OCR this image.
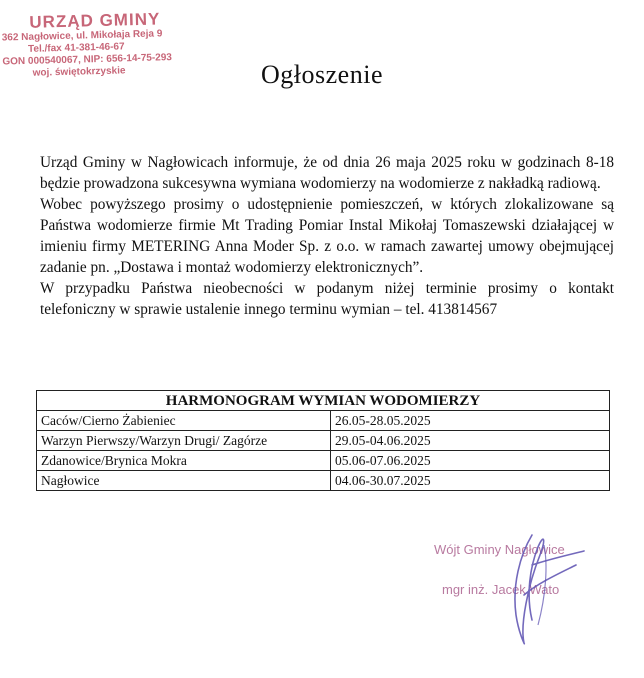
URZĄD GMINY
362 Nagłowice, ul. Mikołaja Reja 9
Tel./fax 41-381-46-67
GON 000540067, NIP: 656-14-75-293
woj. świętokrzyskie	Ogłoszenie

Urząd Gminy w Nagłowicach informuje, że od dnia 26 maja 2025 roku w godzinach 8-18 będzie prowadzona sukcesywna wymiana wodomierzy na wodomierze z nakładką radiową.

Wobec powyższego prosimy o udostępnienie pomieszczeń, w których zlokalizowane są Państwa wodomierze firmie Mt Trading Pomiar Instal Mikołaj Tomaszewski działającej w imieniu firmy METERING Anna Moder Sp. z o.o. w ramach zawartej umowy obejmującej zadanie pn. „Dostawa i montaż wodomierzy elektronicznych”.

W przypadku Państwa nieobecności w podanym niżej terminie prosimy o kontakt telefoniczny w sprawie ustalenie innego terminu wymian – tel. 413814567

HARMONOGRAM WYMIAN WODOMIERZY	
Caców/Cierno Żabieniec	26.05-28.05.2025
Warzyn Pierwszy/Warzyn Drugi/ Zagórze	29.05-04.06.2025
Zdanowice/Brynica Mokra	05.06-07.06.2025
Nagłowice	04.06-30.07.2025
Wójt Gminy Nagłowice
mgr inż. Jacek Wato
